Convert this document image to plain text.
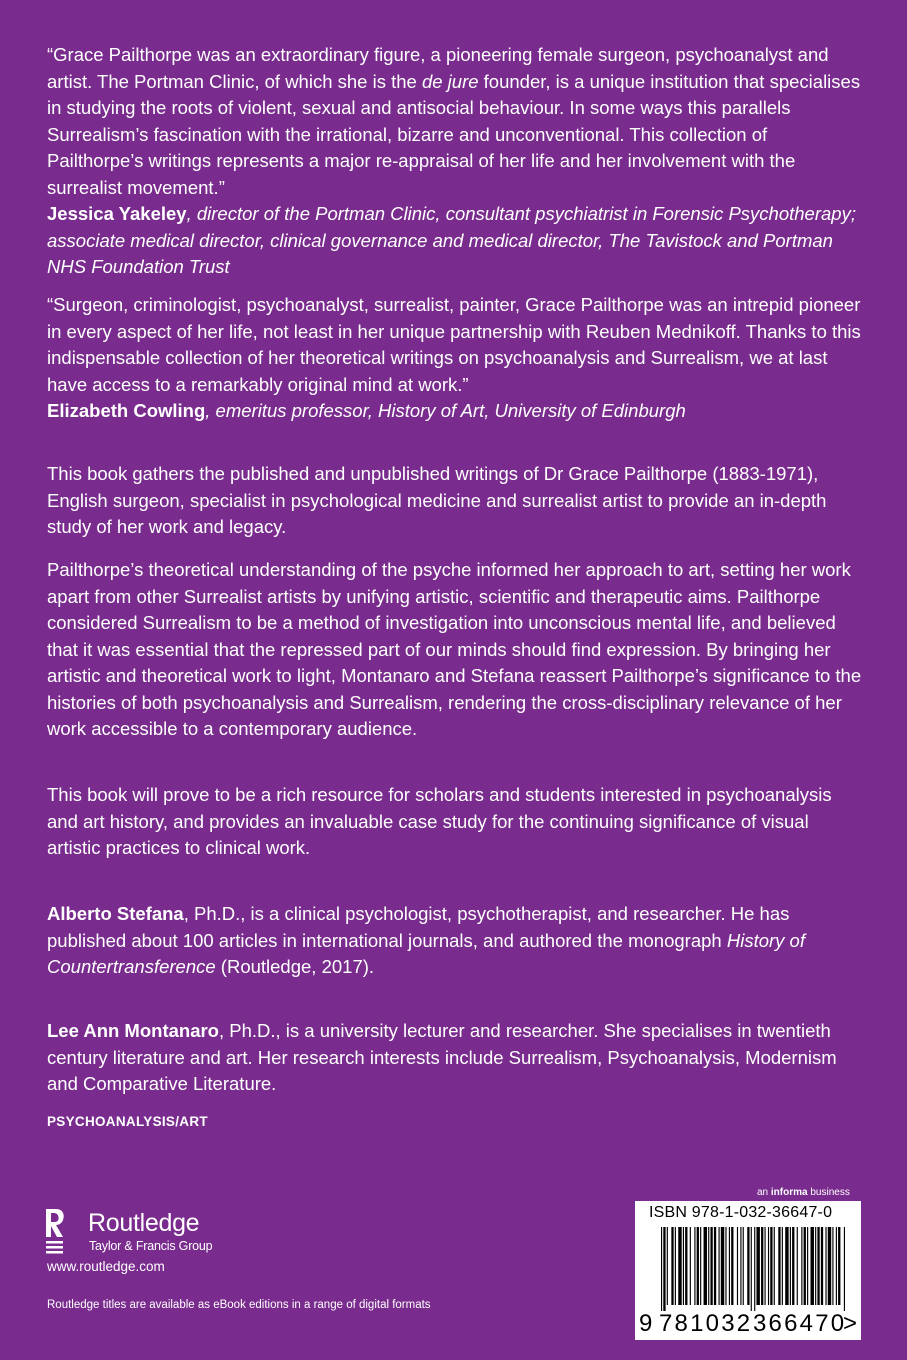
“Grace Pailthorpe was an extraordinary figure, a pioneering female surgeon, psychoanalyst and artist. The Portman Clinic, of which she is the de jure founder, is a unique institution that specialises in studying the roots of violent, sexual and antisocial behaviour. In some ways this parallels Surrealism’s fascination with the irrational, bizarre and unconventional. This collection of Pailthorpe’s writings represents a major re-appraisal of her life and her involvement with the surrealist movement.”

Jessica Yakeley, director of the Portman Clinic, consultant psychiatrist in Forensic Psychotherapy; associate medical director, clinical governance and medical director, The Tavistock and Portman NHS Foundation Trust

“Surgeon, criminologist, psychoanalyst, surrealist, painter, Grace Pailthorpe was an intrepid pioneer in every aspect of her life, not least in her unique partnership with Reuben Mednikoff. Thanks to this indispensable collection of her theoretical writings on psychoanalysis and Surrealism, we at last have access to a remarkably original mind at work.”

Elizabeth Cowling, emeritus professor, History of Art, University of Edinburgh

This book gathers the published and unpublished writings of Dr Grace Pailthorpe (1883-1971), English surgeon, specialist in psychological medicine and surrealist artist to provide an in-depth study of her work and legacy.

Pailthorpe’s theoretical understanding of the psyche informed her approach to art, setting her work apart from other Surrealist artists by unifying artistic, scientific and therapeutic aims. Pailthorpe considered Surrealism to be a method of investigation into unconscious mental life, and believed that it was essential that the repressed part of our minds should find expression. By bringing her artistic and theoretical work to light, Montanaro and Stefana reassert Pailthorpe’s significance to the histories of both psychoanalysis and Surrealism, rendering the cross-disciplinary relevance of her work accessible to a contemporary audience.

This book will prove to be a rich resource for scholars and students interested in psychoanalysis and art history, and provides an invaluable case study for the continuing significance of visual artistic practices to clinical work.

Alberto Stefana, Ph.D., is a clinical psychologist, psychotherapist, and researcher. He has published about 100 articles in international journals, and authored the monograph History of Countertransference (Routledge, 2017).

Lee Ann Montanaro, Ph.D., is a university lecturer and researcher. She specialises in twentieth century literature and art. Her research interests include Surrealism, Psychoanalysis, Modernism and Comparative Literature.

PSYCHOANALYSIS/ART
Routledge
Taylor & Francis Group
www.routledge.com
Routledge titles are available as eBook editions in a range of digital formats
an informa business
ISBN 978-1-032-36647-0
9 781032 366470
>
